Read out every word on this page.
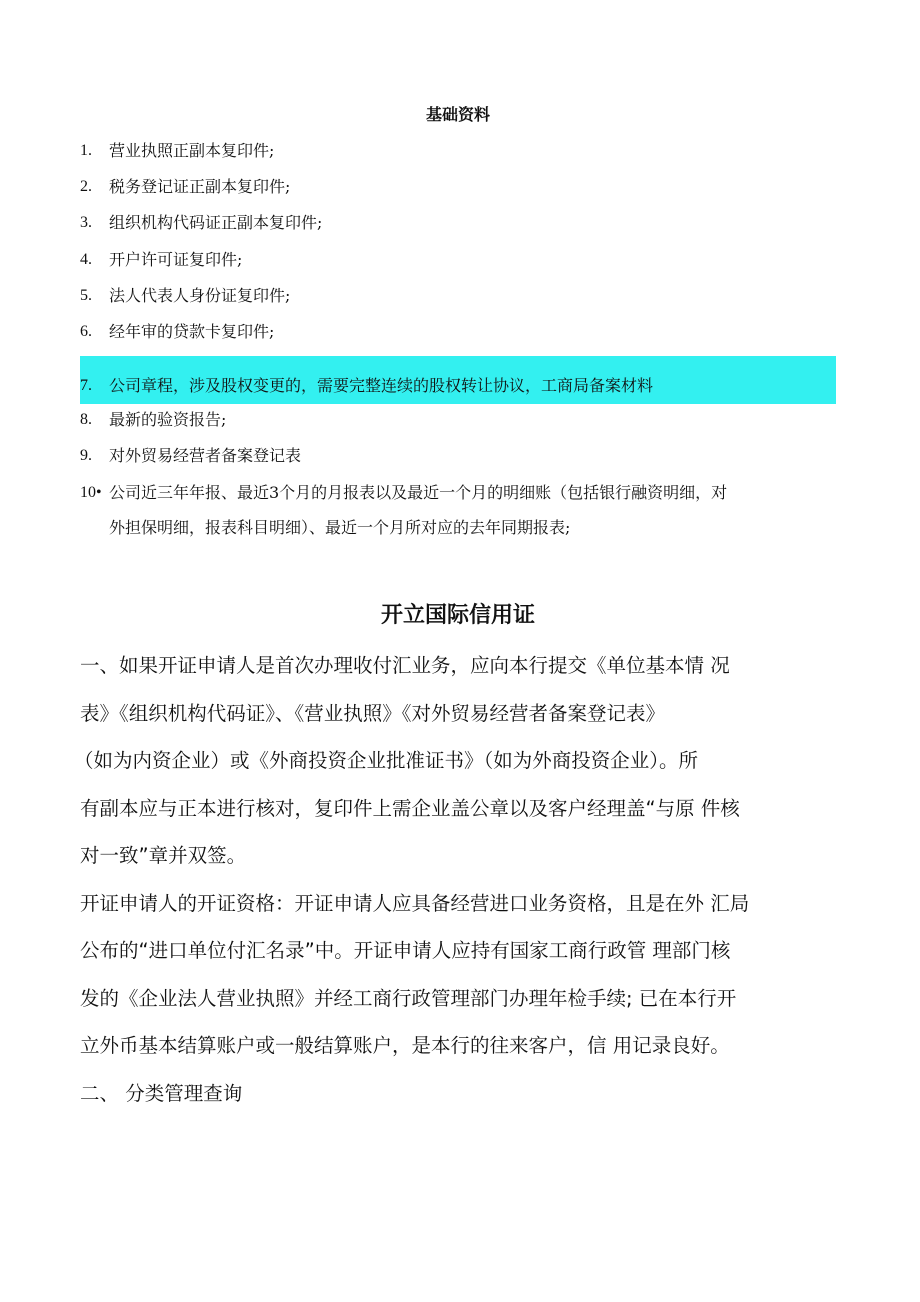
基础资料
1.	营业执照正副本复印件;
2.	税务登记证正副本复印件;
3.	组织机构代码证正副本复印件;
4.	开户许可证复印件;
5.	法人代表人身份证复印件;
6.	经年审的贷款卡复印件;
7.	公司章程，涉及股权变更的，需要完整连续的股权转让协议，工商局备案材料
8.	最新的验资报告;
9.	对外贸易经营者备案登记表
10• 公司近三年年报、最近3个月的月报表以及最近一个月的明细账（包括银行融资明细，对
外担保明细，报表科目明细）、最近一个月所对应的去年同期报表;
开立国际信用证
一、如果开证申请人是首次办理收付汇业务，应向本行提交《单位基本情 况
表》《组织机构代码证》、《营业执照》《对外贸易经营者备案登记表》
（如为内资企业）或《外商投资企业批准证书》（如为外商投资企业）。所
有副本应与正本进行核对，复印件上需企业盖公章以及客户经理盖“与原 件核
对一致”章并双签。
开证申请人的开证资格：开证申请人应具备经营进口业务资格，且是在外 汇局
公布的“进口单位付汇名录”中。开证申请人应持有国家工商行政管 理部门核
发的《企业法人营业执照》并经工商行政管理部门办理年检手续; 已在本行开
立外币基本结算账户或一般结算账户，是本行的往来客户，信 用记录良好。
二、 分类管理查询
